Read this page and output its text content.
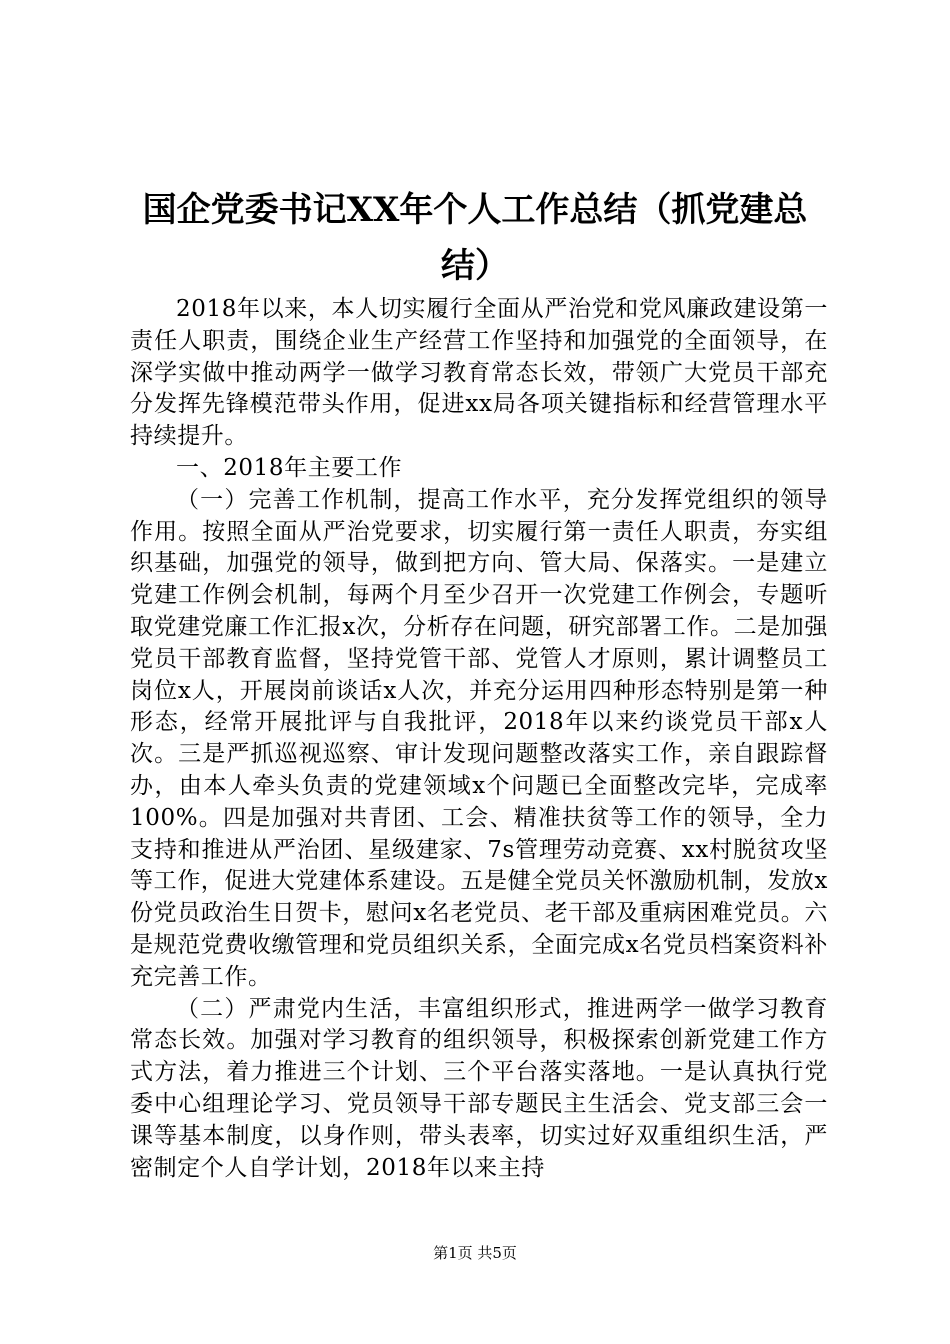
国企党委书记XX年个人工作总结（抓党建总结）

2018年以来，本人切实履行全面从严治党和党风廉政建设第一责任人职责，围绕企业生产经营工作坚持和加强党的全面领导，在深学实做中推动两学一做学习教育常态长效，带领广大党员干部充分发挥先锋模范带头作用，促进xx局各项关键指标和经营管理水平持续提升。

一、2018年主要工作

（一）完善工作机制，提高工作水平，充分发挥党组织的领导作用。按照全面从严治党要求，切实履行第一责任人职责，夯实组织基础，加强党的领导，做到把方向、管大局、保落实。一是建立党建工作例会机制，每两个月至少召开一次党建工作例会，专题听取党建党廉工作汇报x次，分析存在问题，研究部署工作。二是加强党员干部教育监督，坚持党管干部、党管人才原则，累计调整员工岗位x人，开展岗前谈话x人次，并充分运用四种形态特别是第一种形态，经常开展批评与自我批评，2018年以来约谈党员干部x人次。三是严抓巡视巡察、审计发现问题整改落实工作，亲自跟踪督办，由本人牵头负责的党建领域x个问题已全面整改完毕，完成率100%。四是加强对共青团、工会、精准扶贫等工作的领导，全力支持和推进从严治团、星级建家、7s管理劳动竞赛、xx村脱贫攻坚等工作，促进大党建体系建设。五是健全党员关怀激励机制，发放x份党员政治生日贺卡，慰问x名老党员、老干部及重病困难党员。六是规范党费收缴管理和党员组织关系，全面完成x名党员档案资料补充完善工作。

（二）严肃党内生活，丰富组织形式，推进两学一做学习教育常态长效。加强对学习教育的组织领导，积极探索创新党建工作方式方法，着力推进三个计划、三个平台落实落地。一是认真执行党委中心组理论学习、党员领导干部专题民主生活会、党支部三会一课等基本制度，以身作则，带头表率，切实过好双重组织生活，严密制定个人自学计划，2018年以来主持

第1页 共5页
